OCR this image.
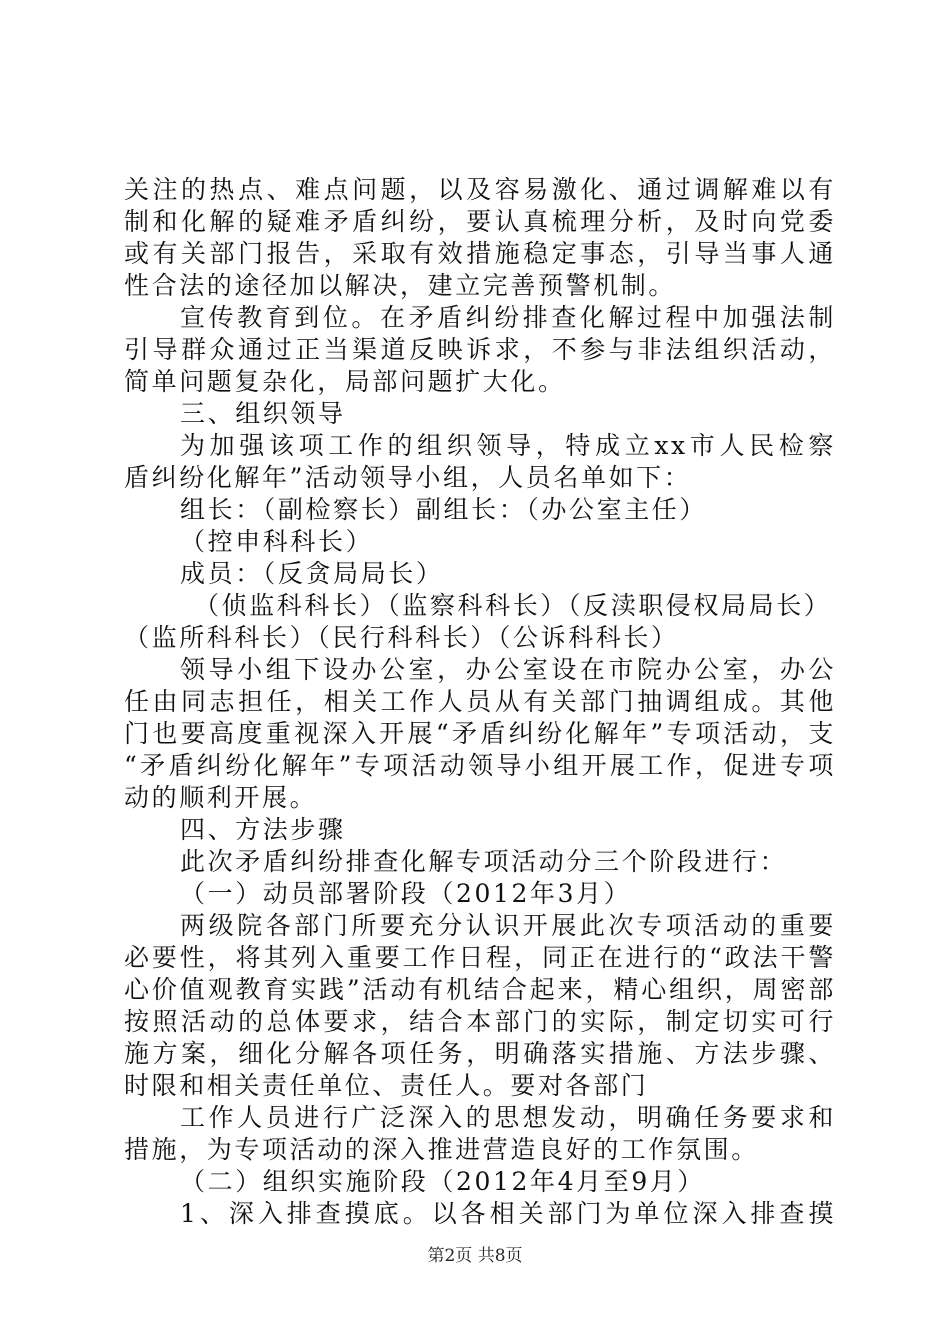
关注的热点、难点问题，以及容易激化、通过调解难以有
制和化解的疑难矛盾纠纷，要认真梳理分析，及时向党委
或有关部门报告，采取有效措施稳定事态，引导当事人通
性合法的途径加以解决，建立完善预警机制。
宣传教育到位。在矛盾纠纷排查化解过程中加强法制
引导群众通过正当渠道反映诉求，不参与非法组织活动，
简单问题复杂化，局部问题扩大化。
三、组织领导
为加强该项工作的组织领导，特成立xx市人民检察
盾纠纷化解年”活动领导小组，人员名单如下：
组长：（副检察长）副组长：（办公室主任）
（控申科科长）
成员：（反贪局局长）
（侦监科科长）（监察科科长）（反渎职侵权局局长）
（监所科科长）（民行科科长）（公诉科科长）
领导小组下设办公室，办公室设在市院办公室，办公
任由同志担任，相关工作人员从有关部门抽调组成。其他
门也要高度重视深入开展“矛盾纠纷化解年”专项活动，支
“矛盾纠纷化解年”专项活动领导小组开展工作，促进专项
动的顺利开展。
四、方法步骤
此次矛盾纠纷排查化解专项活动分三个阶段进行：
（一）动员部署阶段（2012年3月）
两级院各部门所要充分认识开展此次专项活动的重要
必要性，将其列入重要工作日程，同正在进行的“政法干警
心价值观教育实践”活动有机结合起来，精心组织，周密部
按照活动的总体要求，结合本部门的实际，制定切实可行
施方案，细化分解各项任务，明确落实措施、方法步骤、
时限和相关责任单位、责任人。要对各部门
工作人员进行广泛深入的思想发动，明确任务要求和
措施，为专项活动的深入推进营造良好的工作氛围。
（二）组织实施阶段（2012年4月至9月）
1、深入排查摸底。以各相关部门为单位深入排查摸
第2页 共8页
